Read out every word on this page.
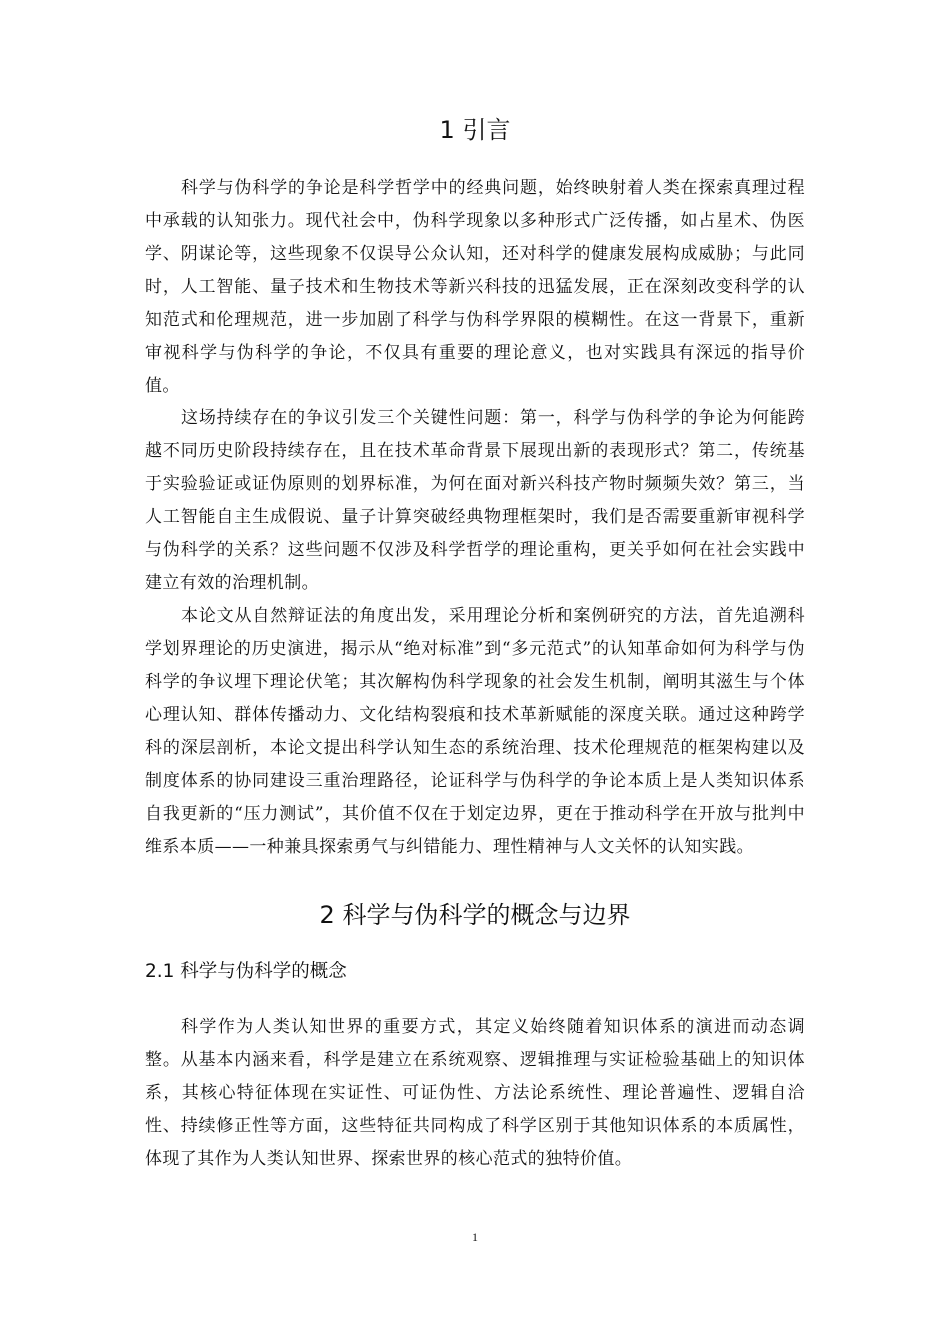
1 引言

科学与伪科学的争论是科学哲学中的经典问题，始终映射着人类在探索真理过程中承载的认知张力。现代社会中，伪科学现象以多种形式广泛传播，如占星术、伪医学、阴谋论等，这些现象不仅误导公众认知，还对科学的健康发展构成威胁；与此同时，人工智能、量子技术和生物技术等新兴科技的迅猛发展，正在深刻改变科学的认知范式和伦理规范，进一步加剧了科学与伪科学界限的模糊性。在这一背景下，重新审视科学与伪科学的争论，不仅具有重要的理论意义，也对实践具有深远的指导价值。

这场持续存在的争议引发三个关键性问题：第一，科学与伪科学的争论为何能跨越不同历史阶段持续存在，且在技术革命背景下展现出新的表现形式？第二，传统基于实验验证或证伪原则的划界标准，为何在面对新兴科技产物时频频失效？第三，当人工智能自主生成假说、量子计算突破经典物理框架时，我们是否需要重新审视科学与伪科学的关系？这些问题不仅涉及科学哲学的理论重构，更关乎如何在社会实践中建立有效的治理机制。

本论文从自然辩证法的角度出发，采用理论分析和案例研究的方法，首先追溯科学划界理论的历史演进，揭示从“绝对标准”到“多元范式”的认知革命如何为科学与伪科学的争议埋下理论伏笔；其次解构伪科学现象的社会发生机制，阐明其滋生与个体心理认知、群体传播动力、文化结构裂痕和技术革新赋能的深度关联。通过这种跨学科的深层剖析，本论文提出科学认知生态的系统治理、技术伦理规范的框架构建以及制度体系的协同建设三重治理路径，论证科学与伪科学的争论本质上是人类知识体系自我更新的“压力测试”，其价值不仅在于划定边界，更在于推动科学在开放与批判中维系本质——一种兼具探索勇气与纠错能力、理性精神与人文关怀的认知实践。

2 科学与伪科学的概念与边界
2.1 科学与伪科学的概念

科学作为人类认知世界的重要方式，其定义始终随着知识体系的演进而动态调整。从基本内涵来看，科学是建立在系统观察、逻辑推理与实证检验基础上的知识体系，其核心特征体现在实证性、可证伪性、方法论系统性、理论普遍性、逻辑自洽性、持续修正性等方面，这些特征共同构成了科学区别于其他知识体系的本质属性，体现了其作为人类认知世界、探索世界的核心范式的独特价值。

1
